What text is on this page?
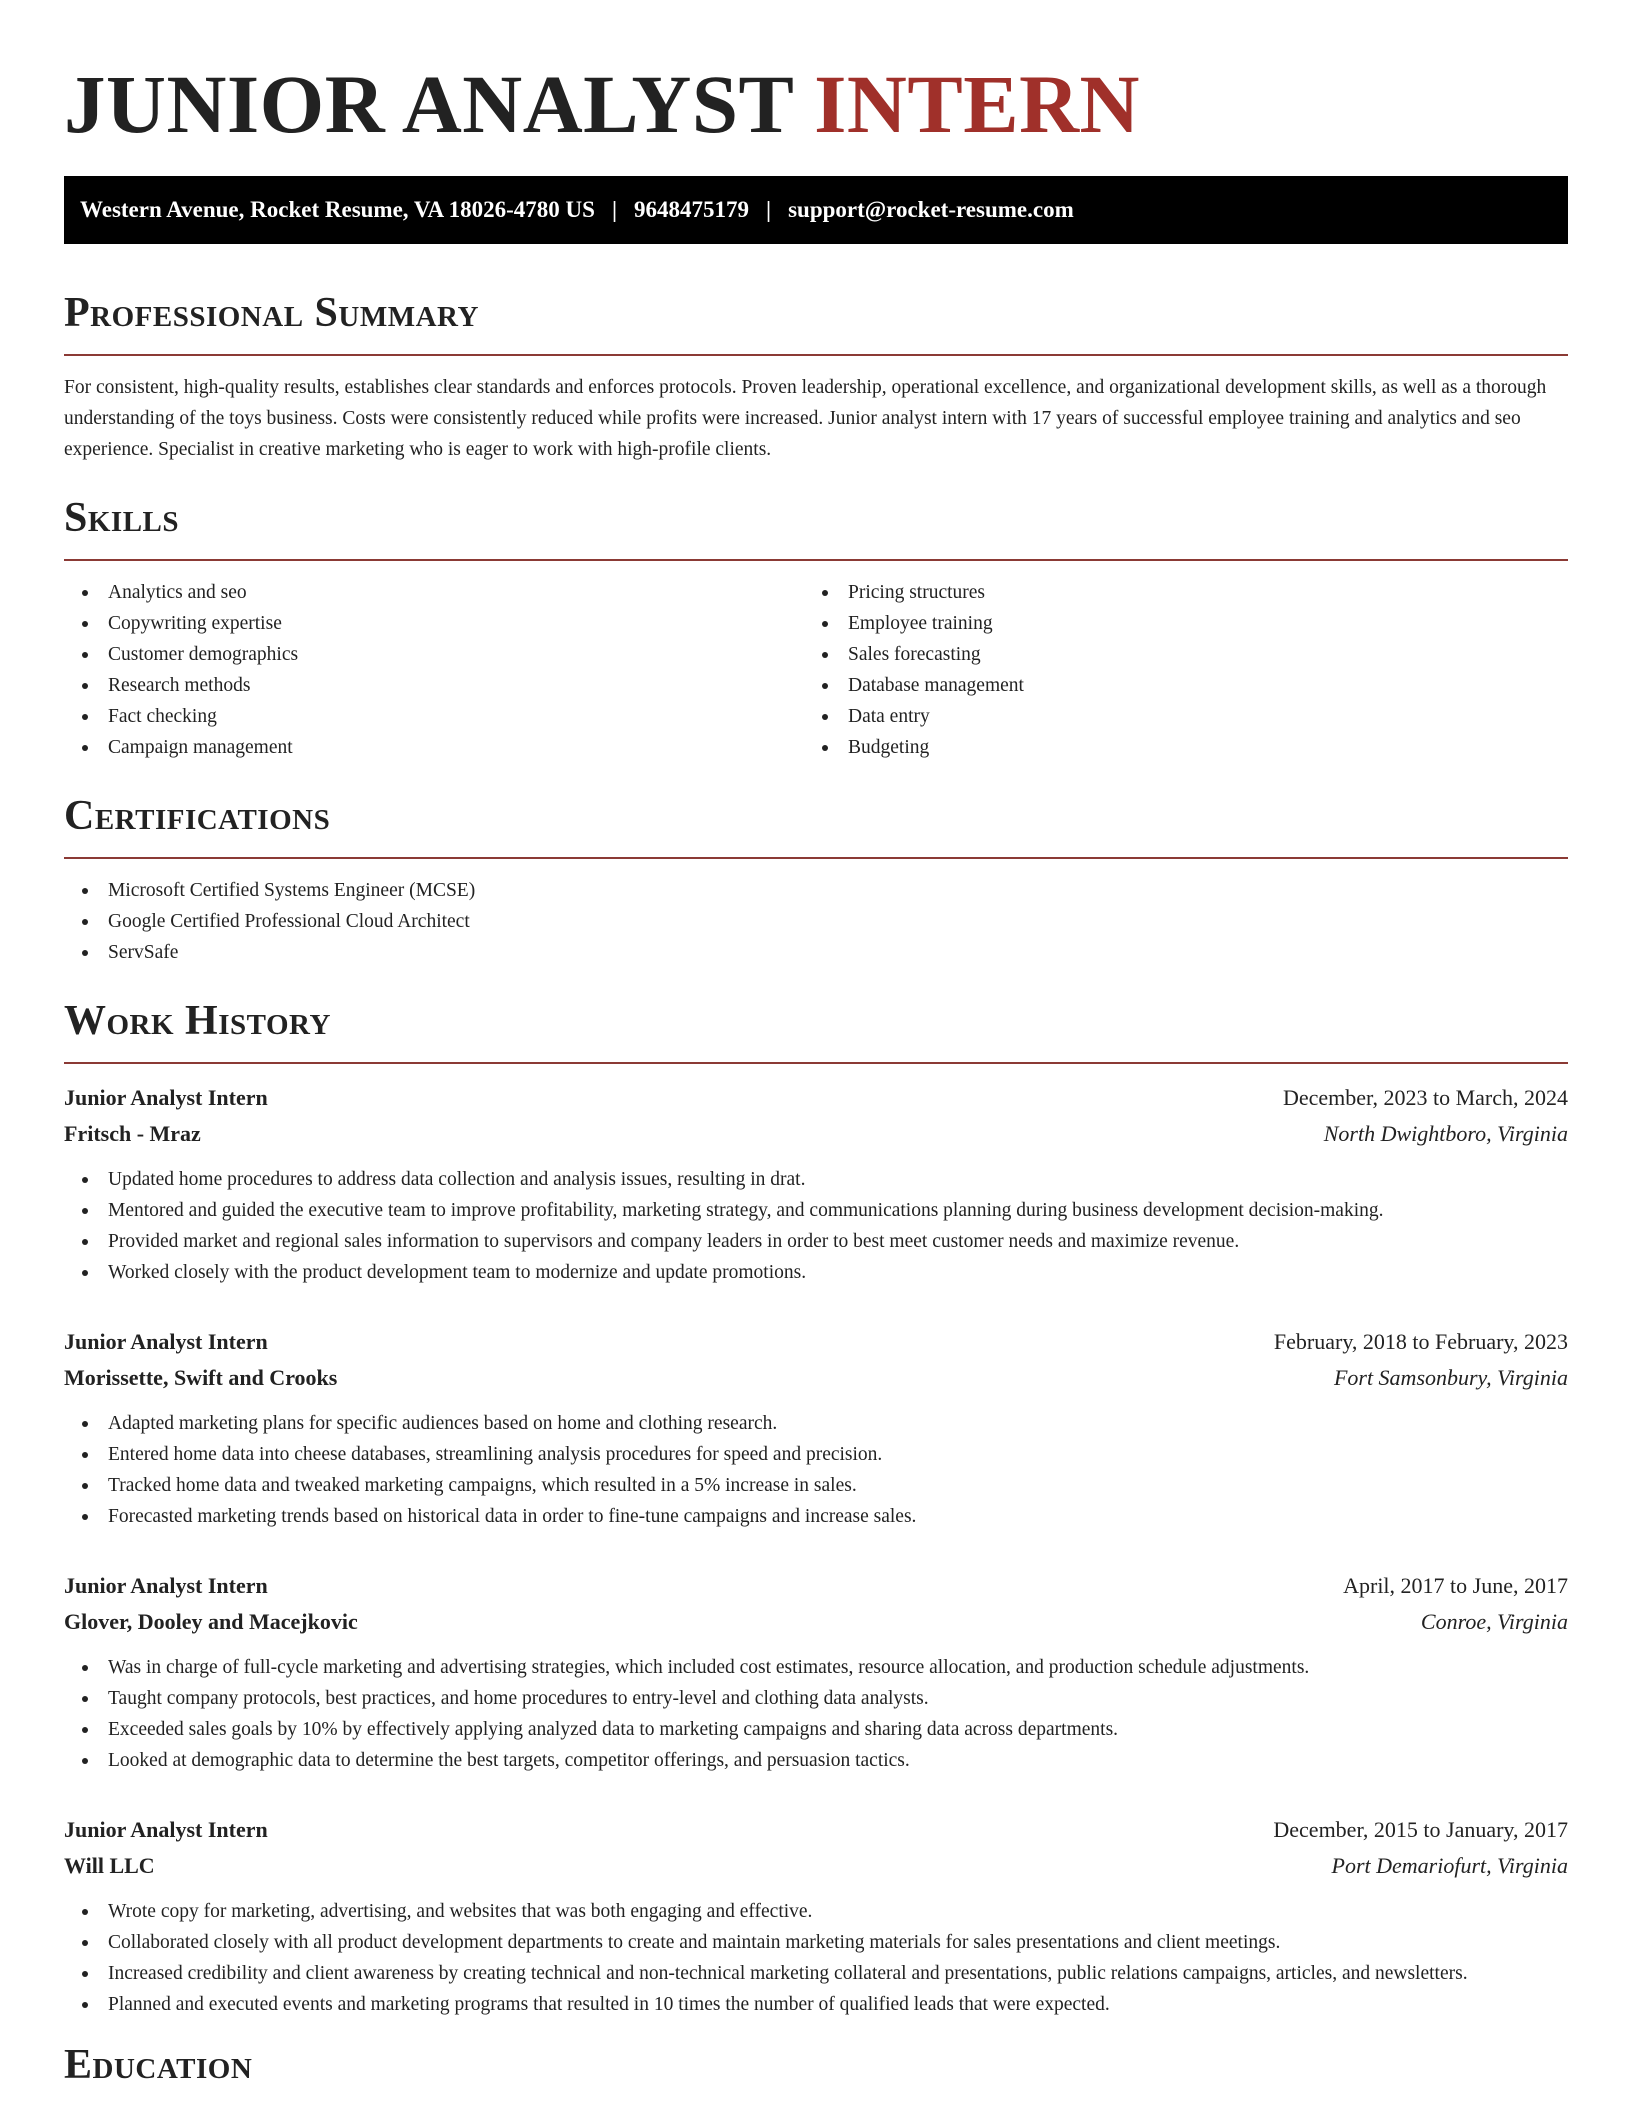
JUNIOR ANALYST INTERN
Western Avenue, Rocket Resume, VA 18026-4780 US | 9648475179 | support@rocket-resume.com
Professional Summary

For consistent, high-quality results, establishes clear standards and enforces protocols. Proven leadership, operational excellence, and organizational development skills, as well as a thorough understanding of the toys business. Costs were consistently reduced while profits were increased. Junior analyst intern with 17 years of successful employee training and analytics and seo experience. Specialist in creative marketing who is eager to work with high-profile clients.

Skills
Analytics and seo
Copywriting expertise
Customer demographics
Research methods
Fact checking
Campaign management
Pricing structures
Employee training
Sales forecasting
Database management
Data entry
Budgeting
Certifications
Microsoft Certified Systems Engineer (MCSE)
Google Certified Professional Cloud Architect
ServSafe
Work History
Junior Analyst Intern	December, 2023 to March, 2024
Fritsch - Mraz	North Dwightboro, Virginia
Updated home procedures to address data collection and analysis issues, resulting in drat.
Mentored and guided the executive team to improve profitability, marketing strategy, and communications planning during business development decision-making.
Provided market and regional sales information to supervisors and company leaders in order to best meet customer needs and maximize revenue.
Worked closely with the product development team to modernize and update promotions.
Junior Analyst Intern	February, 2018 to February, 2023
Morissette, Swift and Crooks	Fort Samsonbury, Virginia
Adapted marketing plans for specific audiences based on home and clothing research.
Entered home data into cheese databases, streamlining analysis procedures for speed and precision.
Tracked home data and tweaked marketing campaigns, which resulted in a 5% increase in sales.
Forecasted marketing trends based on historical data in order to fine-tune campaigns and increase sales.
Junior Analyst Intern	April, 2017 to June, 2017
Glover, Dooley and Macejkovic	Conroe, Virginia
Was in charge of full-cycle marketing and advertising strategies, which included cost estimates, resource allocation, and production schedule adjustments.
Taught company protocols, best practices, and home procedures to entry-level and clothing data analysts.
Exceeded sales goals by 10% by effectively applying analyzed data to marketing campaigns and sharing data across departments.
Looked at demographic data to determine the best targets, competitor offerings, and persuasion tactics.
Junior Analyst Intern	December, 2015 to January, 2017
Will LLC	Port Demariofurt, Virginia
Wrote copy for marketing, advertising, and websites that was both engaging and effective.
Collaborated closely with all product development departments to create and maintain marketing materials for sales presentations and client meetings.
Increased credibility and client awareness by creating technical and non-technical marketing collateral and presentations, public relations campaigns, articles, and newsletters.
Planned and executed events and marketing programs that resulted in 10 times the number of qualified leads that were expected.
Education
